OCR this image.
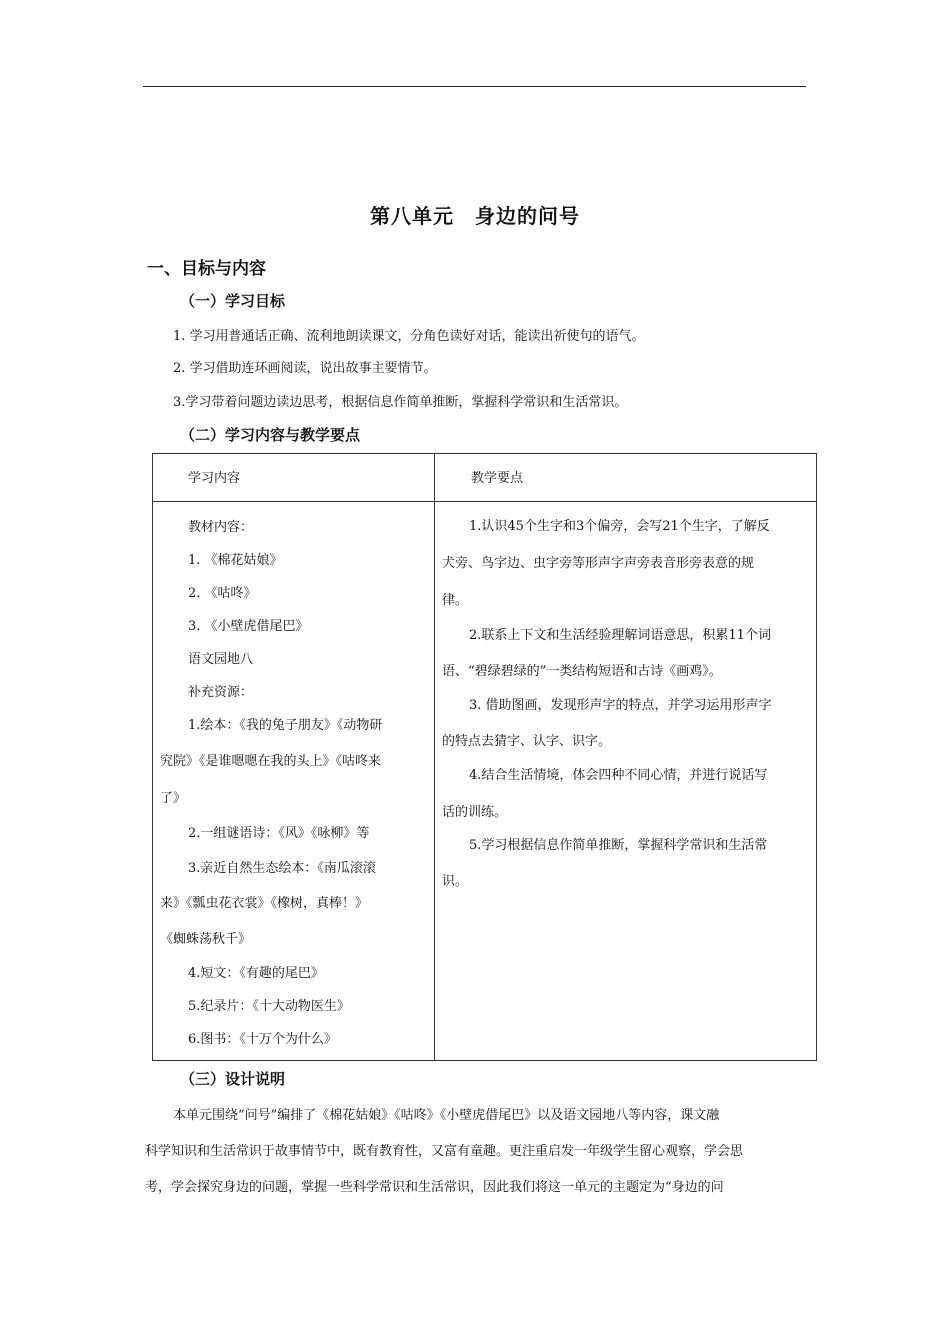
第八单元　身边的问号
一、目标与内容
（一）学习目标
1. 学习用普通话正确、流利地朗读课文，分角色读好对话，能读出祈使句的语气。
2. 学习借助连环画阅读，说出故事主要情节。
3.学习带着问题边读边思考，根据信息作简单推断，掌握科学常识和生活常识。
（二）学习内容与教学要点
学习内容	教学要点
教材内容：
1. 《棉花姑娘》
2. 《咕咚》
3. 《小壁虎借尾巴》
语文园地八
补充资源：
1.绘本：《我的兔子朋友》《动物研
究院》《是谁嗯嗯在我的头上》《咕咚来
了》
2.一组谜语诗：《风》《咏柳》等
3.亲近自然生态绘本：《南瓜滚滚
来》《瓢虫花衣裳》《橡树，真棒！》
《蜘蛛荡秋千》
4.短文：《有趣的尾巴》
5.纪录片：《十大动物医生》
6.图书：《十万个为什么》
1.认识45个生字和3个偏旁，会写21个生字，了解反
犬旁、鸟字边、虫字旁等形声字声旁表音形旁表意的规
律。
2.联系上下文和生活经验理解词语意思，积累11个词
语、“碧绿碧绿的”一类结构短语和古诗《画鸡》。
3. 借助图画，发现形声字的特点，并学习运用形声字
的特点去猜字、认字、识字。
4.结合生活情境，体会四种不同心情，并进行说话写
话的训练。
5.学习根据信息作简单推断，掌握科学常识和生活常
识。
（三）设计说明
本单元围绕“问号”编排了《棉花姑娘》《咕咚》《小壁虎借尾巴》以及语文园地八等内容，课文融
科学知识和生活常识于故事情节中，既有教育性，又富有童趣。更注重启发一年级学生留心观察，学会思
考，学会探究身边的问题，掌握一些科学常识和生活常识，因此我们将这一单元的主题定为“身边的问
